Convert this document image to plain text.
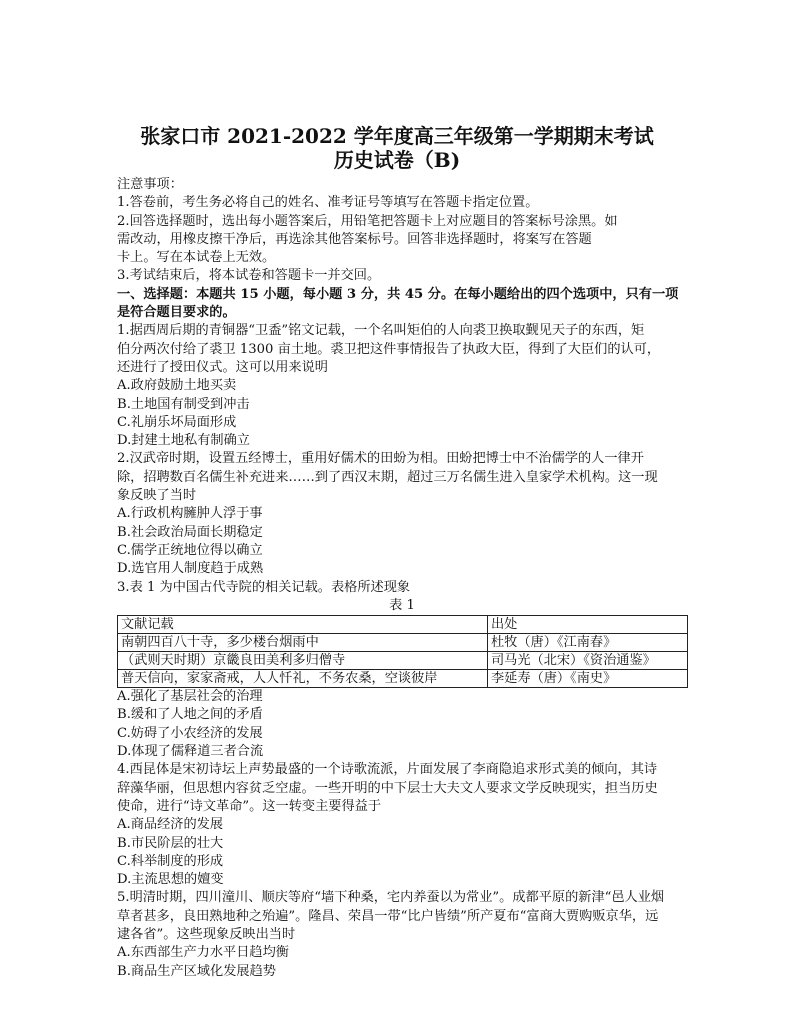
张家口市 2021-2022 学年度高三年级第一学期期末考试
历史试卷（B)

注意事项：

1.答卷前，考生务必将自己的姓名、准考证号等填写在答题卡指定位置。

2.回答选择题时，选出每小题答案后，用铅笔把答题卡上对应题目的答案标号涂黑。如

需改动，用橡皮擦干净后，再选涂其他答案标号。回答非选择题时，将案写在答题

卡上。写在本试卷上无效。

3.考试结束后，将本试卷和答题卡一并交回。

一、选择题：本题共 15 小题，每小题 3 分，共 45 分。在每小题给出的四个选项中，只有一项

是符合题目要求的。

1.据西周后期的青铜器“卫盉”铭文记载，一个名叫矩伯的人向裘卫换取觐见天子的东西，矩

伯分两次付给了裘卫 1300 亩土地。裘卫把这件事情报告了执政大臣，得到了大臣们的认可，

还进行了授田仪式。这可以用来说明

A.政府鼓励土地买卖

B.土地国有制受到冲击

C.礼崩乐坏局面形成

D.封建土地私有制确立

2.汉武帝时期，设置五经博士，重用好儒术的田蚡为相。田蚡把博士中不治儒学的人一律开

除，招聘数百名儒生补充进来……到了西汉末期，超过三万名儒生进入皇家学术机构。这一现

象反映了当时

A.行政机构臃肿人浮于事

B.社会政治局面长期稳定

C.儒学正统地位得以确立

D.选官用人制度趋于成熟

3.表 1 为中国古代寺院的相关记载。表格所述现象

表 1

文献记载	出处
南朝四百八十寺，多少楼台烟雨中	杜牧（唐）《江南春》
（武则天时期）京畿良田美利多归僧寺	司马光（北宋）《资治通鉴》
普天信向，家家斋戒，人人忏礼，不务农桑，空谈彼岸	李延寿（唐）《南史》

A.强化了基层社会的治理

B.缓和了人地之间的矛盾

C.妨碍了小农经济的发展

D.体现了儒释道三者合流

4.西昆体是宋初诗坛上声势最盛的一个诗歌流派，片面发展了李商隐追求形式美的倾向，其诗

辞藻华丽，但思想内容贫乏空虚。一些开明的中下层士大夫文人要求文学反映现实，担当历史

使命，进行“诗文革命”。这一转变主要得益于

A.商品经济的发展

B.市民阶层的壮大

C.科举制度的形成

D.主流思想的嬗变

5.明清时期，四川潼川、顺庆等府“墙下种桑，宅内养蚕以为常业”。成都平原的新津“邑人业烟

草者甚多，良田熟地种之殆遍”。隆昌、荣昌一带“比户皆绩”所产夏布“富商大贾购贩京华，远

逮各省”。这些现象反映出当时

A.东西部生产力水平日趋均衡

B.商品生产区域化发展趋势
